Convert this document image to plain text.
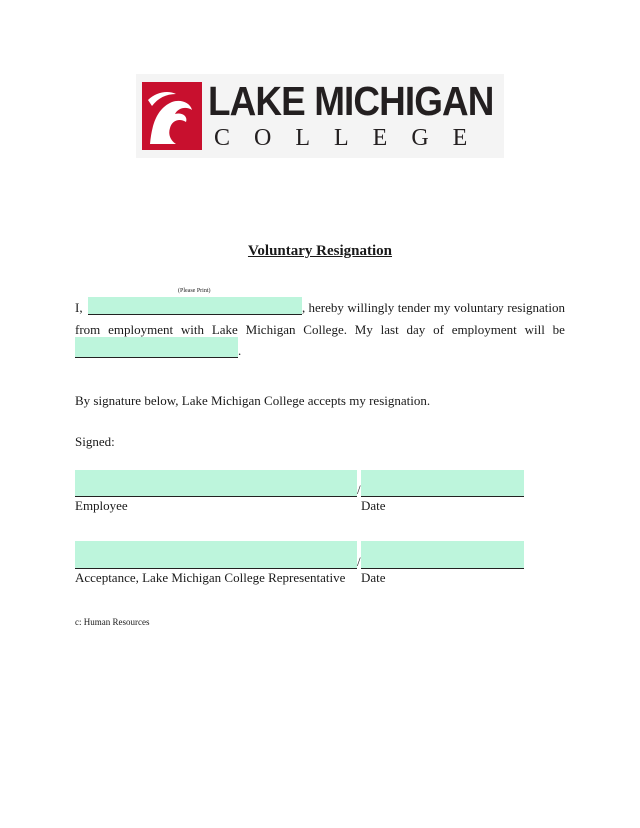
LAKE MICHIGAN
COLLEGE
Voluntary Resignation
(Please Print)
I,	, hereby willingly tender my voluntary resignation
from employment with Lake Michigan College. My last day of employment will be
.
By signature below, Lake Michigan College accepts my resignation.
Signed:
/
Employee	Date
/
Acceptance, Lake Michigan College Representative Date
c: Human Resources
